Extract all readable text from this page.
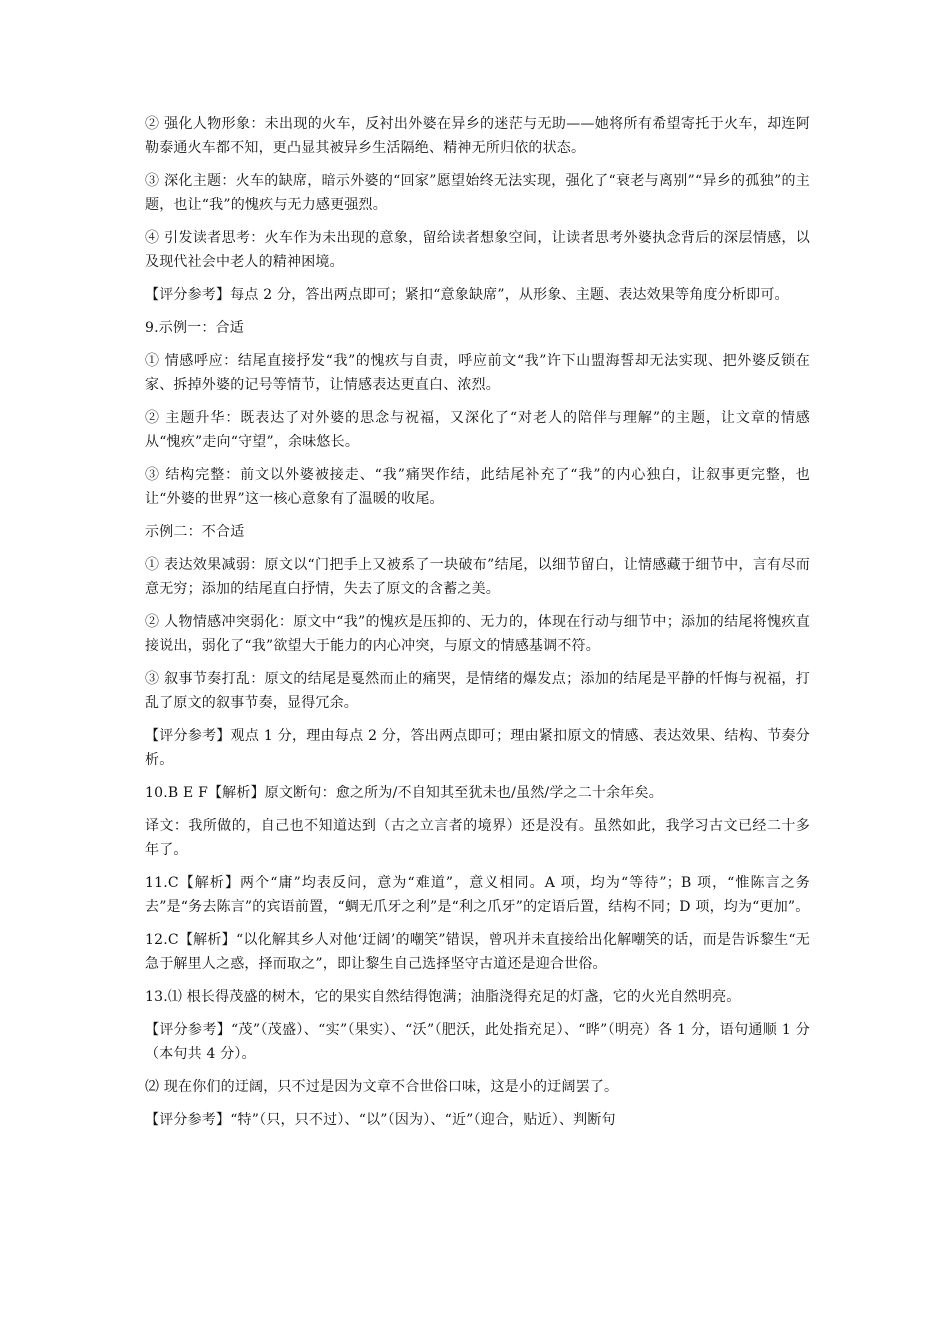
② 强化人物形象：未出现的火车，反衬出外婆在异乡的迷茫与无助——她将所有希望寄托于火车，却连阿勒泰通火车都不知，更凸显其被异乡生活隔绝、精神无所归依的状态。

③ 深化主题：火车的缺席，暗示外婆的“回家”愿望始终无法实现，强化了“衰老与离别”“异乡的孤独”的主题，也让“我”的愧疚与无力感更强烈。

④ 引发读者思考：火车作为未出现的意象，留给读者想象空间，让读者思考外婆执念背后的深层情感，以及现代社会中老人的精神困境。

【评分参考】每点 2 分，答出两点即可；紧扣“意象缺席”，从形象、主题、表达效果等角度分析即可。

9.示例一：合适

① 情感呼应：结尾直接抒发“我”的愧疚与自责，呼应前文“我”许下山盟海誓却无法实现、把外婆反锁在家、拆掉外婆的记号等情节，让情感表达更直白、浓烈。

② 主题升华：既表达了对外婆的思念与祝福，又深化了“对老人的陪伴与理解”的主题，让文章的情感从“愧疚”走向“守望”，余味悠长。

③ 结构完整：前文以外婆被接走、“我”痛哭作结，此结尾补充了“我”的内心独白，让叙事更完整，也让“外婆的世界”这一核心意象有了温暖的收尾。

示例二：不合适

① 表达效果减弱：原文以“门把手上又被系了一块破布”结尾，以细节留白，让情感藏于细节中，言有尽而意无穷；添加的结尾直白抒情，失去了原文的含蓄之美。

② 人物情感冲突弱化：原文中“我”的愧疚是压抑的、无力的，体现在行动与细节中；添加的结尾将愧疚直接说出，弱化了“我”欲望大于能力的内心冲突，与原文的情感基调不符。

③ 叙事节奏打乱：原文的结尾是戛然而止的痛哭，是情绪的爆发点；添加的结尾是平静的忏悔与祝福，打乱了原文的叙事节奏，显得冗余。

【评分参考】观点 1 分，理由每点 2 分，答出两点即可；理由紧扣原文的情感、表达效果、结构、节奏分析。

10.B E F【解析】原文断句：愈之所为/不自知其至犹未也/虽然/学之二十余年矣。

译文：我所做的，自己也不知道达到（古之立言者的境界）还是没有。虽然如此，我学习古文已经二十多年了。

11.C【解析】两个“庸”均表反问，意为“难道”，意义相同。A 项，均为“等待”；B 项，“惟陈言之务去”是“务去陈言”的宾语前置，“蜩无爪牙之利”是“利之爪牙”的定语后置，结构不同；D 项，均为“更加”。

12.C【解析】“以化解其乡人对他‘迂阔’的嘲笑”错误，曾巩并未直接给出化解嘲笑的话，而是告诉黎生“无急于解里人之惑，择而取之”，即让黎生自己选择坚守古道还是迎合世俗。

13.⑴ 根长得茂盛的树木，它的果实自然结得饱满；油脂浇得充足的灯盏，它的火光自然明亮。

【评分参考】“茂”（茂盛）、“实”（果实）、“沃”（肥沃，此处指充足）、“晔”（明亮）各 1 分，语句通顺 1 分（本句共 4 分）。

⑵ 现在你们的迂阔，只不过是因为文章不合世俗口味，这是小的迂阔罢了。

【评分参考】“特”（只，只不过）、“以”（因为）、“近”（迎合，贴近）、判断句
